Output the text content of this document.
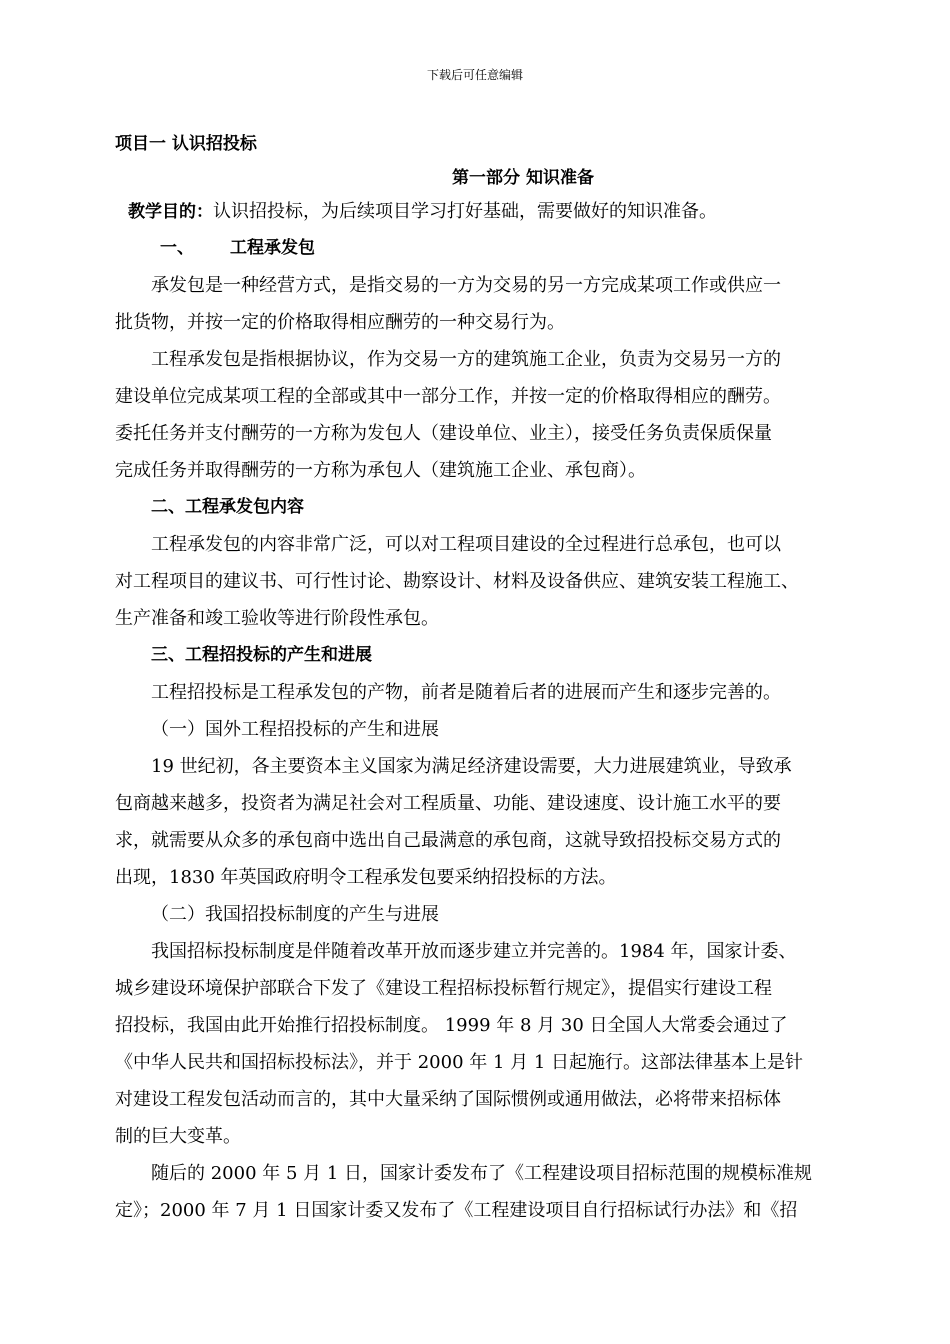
下载后可任意编辑
项目一 认识招投标
第一部分 知识准备
教学目的：认识招投标，为后续项目学习打好基础，需要做好的知识准备。
一、 工程承发包
承发包是一种经营方式，是指交易的一方为交易的另一方完成某项工作或供应一
批货物，并按一定的价格取得相应酬劳的一种交易行为。
工程承发包是指根据协议，作为交易一方的建筑施工企业，负责为交易另一方的
建设单位完成某项工程的全部或其中一部分工作，并按一定的价格取得相应的酬劳。
委托任务并支付酬劳的一方称为发包人（建设单位、业主），接受任务负责保质保量
完成任务并取得酬劳的一方称为承包人（建筑施工企业、承包商）。
二、工程承发包内容
工程承发包的内容非常广泛，可以对工程项目建设的全过程进行总承包，也可以
对工程项目的建议书、可行性讨论、勘察设计、材料及设备供应、建筑安装工程施工、
生产准备和竣工验收等进行阶段性承包。
三、工程招投标的产生和进展
工程招投标是工程承发包的产物，前者是随着后者的进展而产生和逐步完善的。
（一）国外工程招投标的产生和进展
19 世纪初，各主要资本主义国家为满足经济建设需要，大力进展建筑业，导致承
包商越来越多，投资者为满足社会对工程质量、功能、建设速度、设计施工水平的要
求，就需要从众多的承包商中选出自己最满意的承包商，这就导致招投标交易方式的
出现，1830 年英国政府明令工程承发包要采纳招投标的方法。
（二）我国招投标制度的产生与进展
我国招标投标制度是伴随着改革开放而逐步建立并完善的。1984 年，国家计委、
城乡建设环境保护部联合下发了《建设工程招标投标暂行规定》，提倡实行建设工程
招投标，我国由此开始推行招投标制度。 1999 年 8 月 30 日全国人大常委会通过了
《中华人民共和国招标投标法》，并于 2000 年 1 月 1 日起施行。这部法律基本上是针
对建设工程发包活动而言的，其中大量采纳了国际惯例或通用做法，必将带来招标体
制的巨大变革。
随后的 2000 年 5 月 1 日，国家计委发布了《工程建设项目招标范围的规模标准规
定》；2000 年 7 月 1 日国家计委又发布了《工程建设项目自行招标试行办法》和《招
